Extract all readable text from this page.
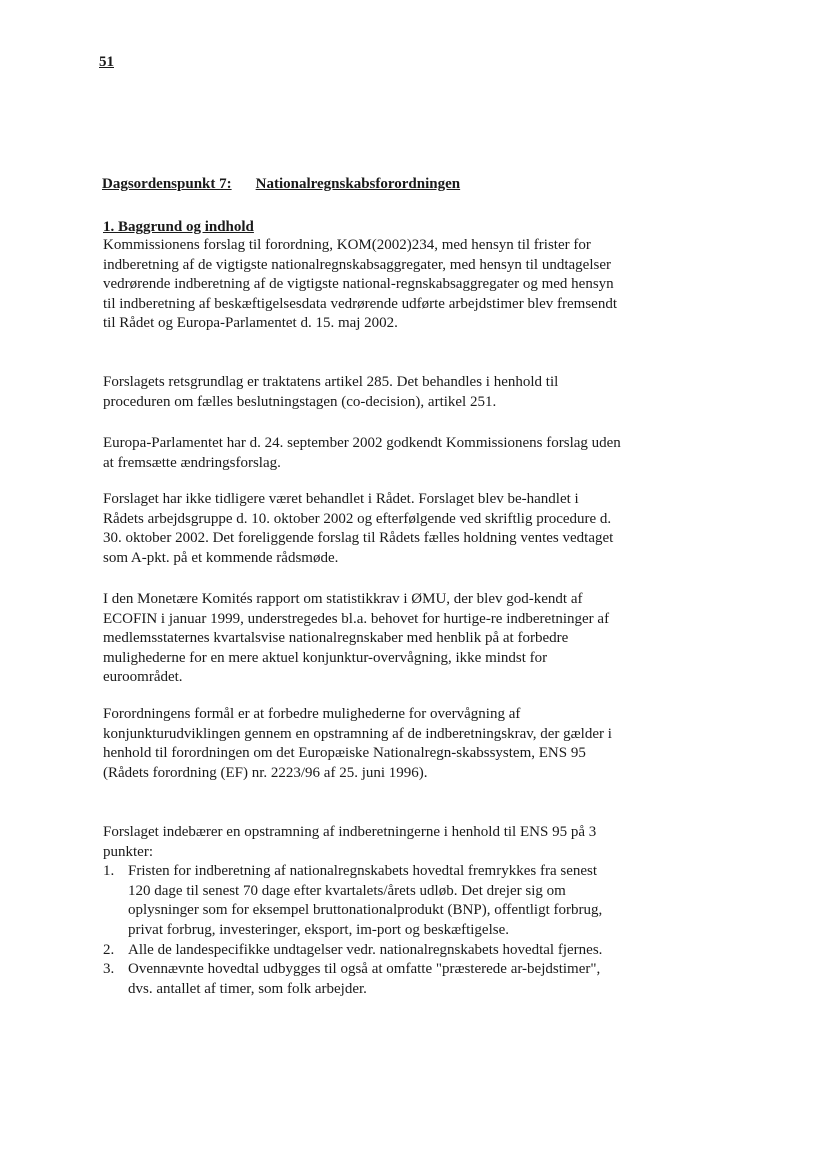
51
Dagsordenspunkt 7: Nationalregnskabsforordningen
1. Baggrund og indhold

Kommissionens forslag til forordning, KOM(2002)234, med hensyn til frister for indberetning af de vigtigste nationalregnskabsaggregater, med hensyn til undtagelser vedrørende indberetning af de vigtigste national-regnskabsaggregater og med hensyn til indberetning af beskæftigelsesdata vedrørende udførte arbejdstimer blev fremsendt til Rådet og Europa-Parlamentet d. 15. maj 2002.

Forslagets retsgrundlag er traktatens artikel 285. Det behandles i henhold til proceduren om fælles beslutningstagen (co-decision), artikel 251.

Europa-Parlamentet har d. 24. september 2002 godkendt Kommissionens forslag uden at fremsætte ændringsforslag.

Forslaget har ikke tidligere været behandlet i Rådet. Forslaget blev be-handlet i Rådets arbejdsgruppe d. 10. oktober 2002 og efterfølgende ved skriftlig procedure d. 30. oktober 2002. Det foreliggende forslag til Rådets fælles holdning ventes vedtaget som A-pkt. på et kommende rådsmøde.

I den Monetære Komités rapport om statistikkrav i ØMU, der blev god-kendt af ECOFIN i januar 1999, understregedes bl.a. behovet for hurtige-re indberetninger af medlemsstaternes kvartalsvise nationalregnskaber med henblik på at forbedre mulighederne for en mere aktuel konjunktur-overvågning, ikke mindst for euroområdet.

Forordningens formål er at forbedre mulighederne for overvågning af konjunkturudviklingen gennem en opstramning af de indberetningskrav, der gælder i henhold til forordningen om det Europæiske Nationalregn-skabssystem, ENS 95 (Rådets forordning (EF) nr. 2223/96 af 25. juni 1996).

Forslaget indebærer en opstramning af indberetningerne i henhold til ENS 95 på 3 punkter:

1. Fristen for indberetning af nationalregnskabets hovedtal fremrykkes fra senest 120 dage til senest 70 dage efter kvartalets/årets udløb. Det drejer sig om oplysninger som for eksempel bruttonationalprodukt (BNP), offentligt forbrug, privat forbrug, investeringer, eksport, im-port og beskæftigelse.
2. Alle de landespecifikke undtagelser vedr. nationalregnskabets hovedtal fjernes.
3. Ovennævnte hovedtal udbygges til også at omfatte "præsterede ar-bejdstimer", dvs. antallet af timer, som folk arbejder.
